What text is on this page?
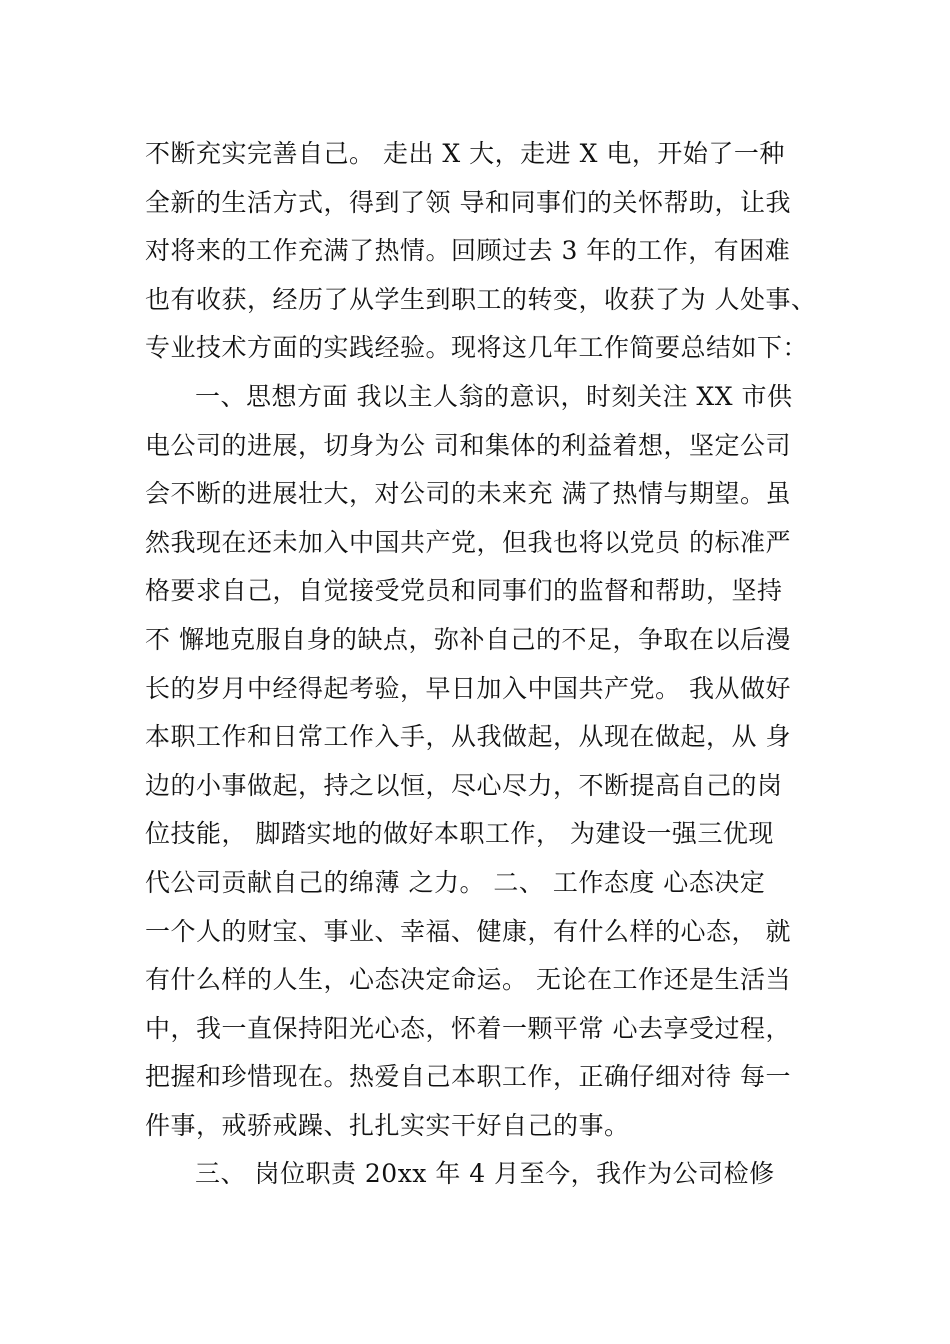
不断充实完善自己。 走出 X 大，走进 X 电，开始了一种
全新的生活方式，得到了领 导和同事们的关怀帮助，让我
对将来的工作充满了热情。回顾过去 3 年的工作，有困难
也有收获，经历了从学生到职工的转变，收获了为 人处事、
专业技术方面的实践经验。现将这几年工作简要总结如下：
一、思想方面 我以主人翁的意识，时刻关注 XX 市供
电公司的进展，切身为公 司和集体的利益着想，坚定公司
会不断的进展壮大，对公司的未来充 满了热情与期望。虽
然我现在还未加入中国共产党，但我也将以党员 的标准严
格要求自己，自觉接受党员和同事们的监督和帮助，坚持
不 懈地克服自身的缺点，弥补自己的不足，争取在以后漫
长的岁月中经得起考验，早日加入中国共产党。 我从做好
本职工作和日常工作入手，从我做起，从现在做起，从 身
边的小事做起，持之以恒，尽心尽力，不断提高自己的岗
位技能， 脚踏实地的做好本职工作， 为建设一强三优现
代公司贡献自己的绵薄 之力。 二、 工作态度 心态决定
一个人的财宝、事业、幸福、健康，有什么样的心态， 就
有什么样的人生，心态决定命运。 无论在工作还是生活当
中，我一直保持阳光心态，怀着一颗平常 心去享受过程，
把握和珍惜现在。热爱自己本职工作，正确仔细对待 每一
件事，戒骄戒躁、扎扎实实干好自己的事。
三、 岗位职责 20xx 年 4 月至今，我作为公司检修
